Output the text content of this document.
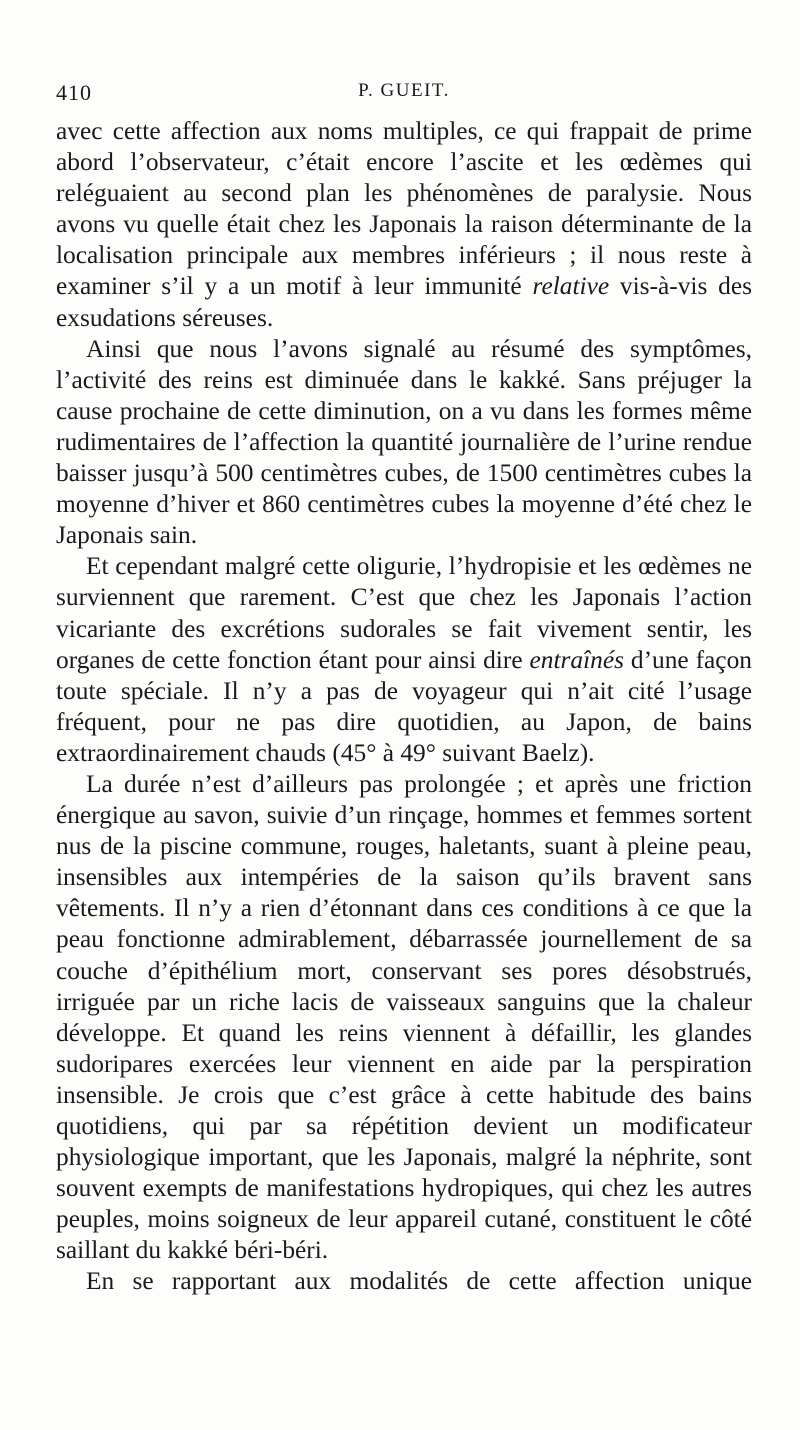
410	P. GUEIT.

avec cette affection aux noms multiples, ce qui frappait de prime abord l’observateur, c’était encore l’ascite et les œdèmes qui reléguaient au second plan les phénomènes de paralysie. Nous avons vu quelle était chez les Japonais la raison déterminante de la localisation principale aux membres inférieurs ; il nous reste à examiner s’il y a un motif à leur immunité relative vis-à-vis des exsudations séreuses.

Ainsi que nous l’avons signalé au résumé des symptômes, l’activité des reins est diminuée dans le kakké. Sans préjuger la cause prochaine de cette diminution, on a vu dans les formes même rudimentaires de l’affection la quantité journalière de l’urine rendue baisser jusqu’à 500 centimètres cubes, de 1500 centimètres cubes la moyenne d’hiver et 860 centimètres cubes la moyenne d’été chez le Japonais sain.

Et cependant malgré cette oligurie, l’hydropisie et les œdèmes ne surviennent que rarement. C’est que chez les Japonais l’action vicariante des excrétions sudorales se fait vivement sentir, les organes de cette fonction étant pour ainsi dire entraînés d’une façon toute spéciale. Il n’y a pas de voyageur qui n’ait cité l’usage fréquent, pour ne pas dire quotidien, au Japon, de bains extraordinairement chauds (45° à 49° suivant Baelz).

La durée n’est d’ailleurs pas prolongée ; et après une friction énergique au savon, suivie d’un rinçage, hommes et femmes sortent nus de la piscine commune, rouges, haletants, suant à pleine peau, insensibles aux intempéries de la saison qu’ils bravent sans vêtements. Il n’y a rien d’étonnant dans ces conditions à ce que la peau fonctionne admirablement, débarrassée journellement de sa couche d’épithélium mort, conservant ses pores désobstrués, irriguée par un riche lacis de vaisseaux sanguins que la chaleur développe. Et quand les reins viennent à défaillir, les glandes sudoripares exercées leur viennent en aide par la perspiration insensible. Je crois que c’est grâce à cette habitude des bains quotidiens, qui par sa répétition devient un modificateur physiologique important, que les Japonais, malgré la néphrite, sont souvent exempts de manifestations hydropiques, qui chez les autres peuples, moins soigneux de leur appareil cutané, constituent le côté saillant du kakké béri-béri.

En se rapportant aux modalités de cette affection unique
